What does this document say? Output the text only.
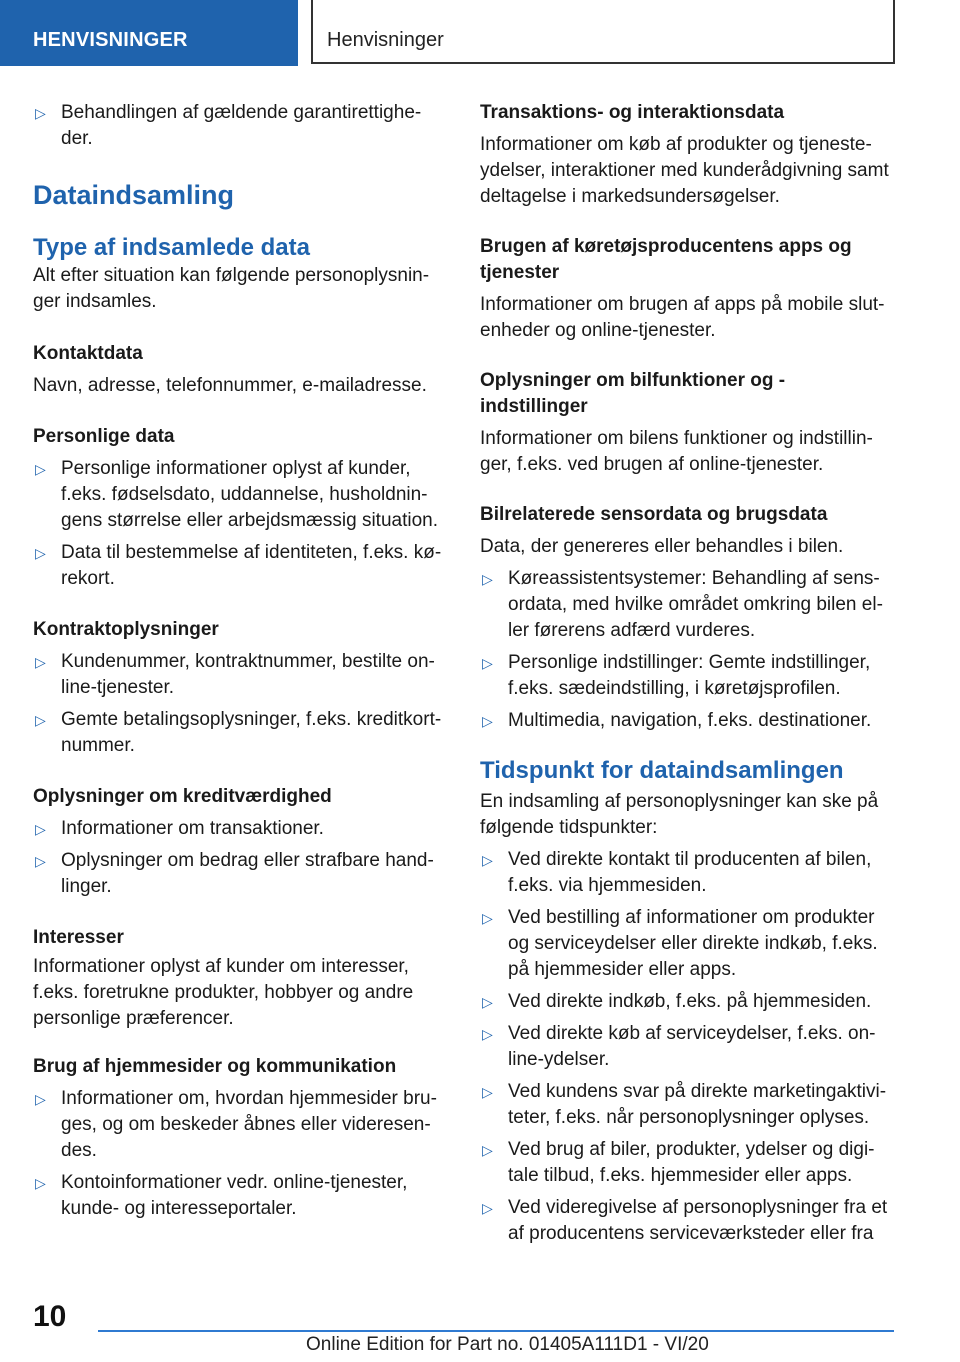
HENVISNINGER	Henvisninger
▷ Behandlingen af gældende garantirettighe-
der.
Dataindsamling
Type af indsamlede data
Alt efter situation kan følgende personoplysnin-
ger indsamles.
Kontaktdata
Navn, adresse, telefonnummer, e-mailadresse.
Personlige data
▷ Personlige informationer oplyst af kunder,
f.eks. fødselsdato, uddannelse, husholdnin-
gens størrelse eller arbejdsmæssig situation.
▷ Data til bestemmelse af identiteten, f.eks. kø-
rekort.
Kontraktoplysninger
▷ Kundenummer, kontraktnummer, bestilte on-
line-tjenester.
▷ Gemte betalingsoplysninger, f.eks. kreditkort-
nummer.
Oplysninger om kreditværdighed
▷ Informationer om transaktioner.
▷ Oplysninger om bedrag eller strafbare hand-
linger.
Interesser
Informationer oplyst af kunder om interesser,
f.eks. foretrukne produkter, hobbyer og andre
personlige præferencer.
Brug af hjemmesider og kommunikation
▷ Informationer om, hvordan hjemmesider bru-
ges, og om beskeder åbnes eller videresen-
des.
▷ Kontoinformationer vedr. online-tjenester,
kunde- og interesseportaler.
Transaktions- og interaktionsdata
Informationer om køb af produkter og tjeneste-
ydelser, interaktioner med kunderådgivning samt
deltagelse i markedsundersøgelser.
Brugen af køretøjsproducentens apps og
tjenester
Informationer om brugen af apps på mobile slut-
enheder og online-tjenester.
Oplysninger om bilfunktioner og -
indstillinger
Informationer om bilens funktioner og indstillin-
ger, f.eks. ved brugen af online-tjenester.
Bilrelaterede sensordata og brugsdata
Data, der genereres eller behandles i bilen.
▷ Køreassistentsystemer: Behandling af sens-
ordata, med hvilke området omkring bilen el-
ler førerens adfærd vurderes.
▷ Personlige indstillinger: Gemte indstillinger,
f.eks. sædeindstilling, i køretøjsprofilen.
▷ Multimedia, navigation, f.eks. destinationer.
Tidspunkt for dataindsamlingen
En indsamling af personoplysninger kan ske på
følgende tidspunkter:
▷ Ved direkte kontakt til producenten af bilen,
f.eks. via hjemmesiden.
▷ Ved bestilling af informationer om produkter
og serviceydelser eller direkte indkøb, f.eks.
på hjemmesider eller apps.
▷ Ved direkte indkøb, f.eks. på hjemmesiden.
▷ Ved direkte køb af serviceydelser, f.eks. on-
line-ydelser.
▷ Ved kundens svar på direkte marketingaktivi-
teter, f.eks. når personoplysninger oplyses.
▷ Ved brug af biler, produkter, ydelser og digi-
tale tilbud, f.eks. hjemmesider eller apps.
▷ Ved videregivelse af personoplysninger fra et
af producentens serviceværksteder eller fra
10
Online Edition for Part no. 01405A111D1 - VI/20
